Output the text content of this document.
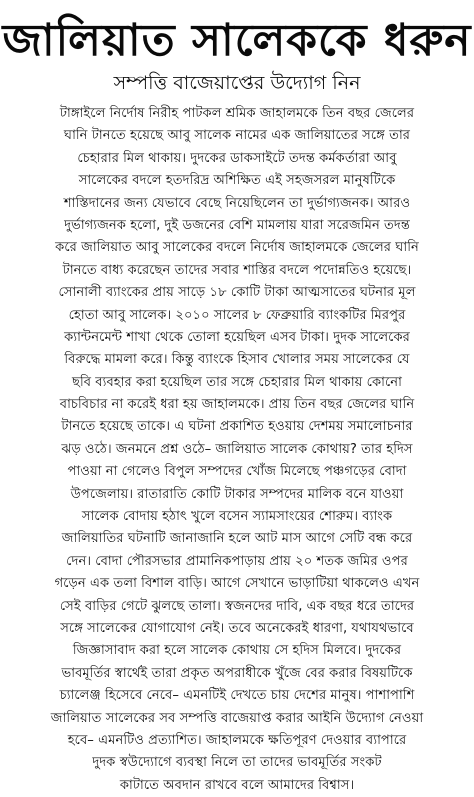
জালিয়াত সালেককে ধরুন
সম্পত্তি বাজেয়াপ্তের উদ্যোগ নিন
টাঙ্গাইলে নির্দোষ নিরীহ পাটকল শ্রমিক জাহালমকে তিন বছর জেলের
ঘানি টানতে হয়েছে আবু সালেক নামের এক জালিয়াতের সঙ্গে তার
চেহারার মিল থাকায়। দুদকের ডাকসাইটে তদন্ত কর্মকর্তারা আবু
সালেকের বদলে হতদরিদ্র অশিক্ষিত এই সহজসরল মানুষটিকে
শাস্তিদানের জন্য যেভাবে বেছে নিয়েছিলেন তা দুর্ভাগ্যজনক। আরও
দুর্ভাগ্যজনক হলো, দুই ডজনের বেশি মামলায় যারা সরেজমিন তদন্ত
করে জালিয়াত আবু সালেকের বদলে নির্দোষ জাহালমকে জেলের ঘানি
টানতে বাধ্য করেছেন তাদের সবার শাস্তির বদলে পদোন্নতিও হয়েছে।
সোনালী ব্যাংকের প্রায় সাড়ে ১৮ কোটি টাকা আত্মসাতের ঘটনার মূল
হোতা আবু সালেক। ২০১০ সালের ৮ ফেব্রুয়ারি ব্যাংকটির মিরপুর
ক্যান্টনমেন্ট শাখা থেকে তোলা হয়েছিল এসব টাকা। দুদক সালেকের
বিরুদ্ধে মামলা করে। কিন্তু ব্যাংকে হিসাব খোলার সময় সালেকের যে
ছবি ব্যবহার করা হয়েছিল তার সঙ্গে চেহারার মিল থাকায় কোনো
বাচবিচার না করেই ধরা হয় জাহালমকে। প্রায় তিন বছর জেলের ঘানি
টানতে হয়েছে তাকে। এ ঘটনা প্রকাশিত হওয়ায় দেশময় সমালোচনার
ঝড় ওঠে। জনমনে প্রশ্ন ওঠে– জালিয়াত সালেক কোথায়? তার হদিস
পাওয়া না গেলেও বিপুল সম্পদের খোঁজ মিলেছে পঞ্চগড়ের বোদা
উপজেলায়। রাতারাতি কোটি টাকার সম্পদের মালিক বনে যাওয়া
সালেক বোদায় হঠাৎ খুলে বসেন স্যামসাংয়ের শোরুম। ব্যাংক
জালিয়াতির ঘটনাটি জানাজানি হলে আট মাস আগে সেটি বন্ধ করে
দেন। বোদা পৌরসভার প্রামানিকপাড়ায় প্রায় ২০ শতক জমির ওপর
গড়েন এক তলা বিশাল বাড়ি। আগে সেখানে ভাড়াটিয়া থাকলেও এখন
সেই বাড়ির গেটে ঝুলছে তালা। স্বজনদের দাবি, এক বছর ধরে তাদের
সঙ্গে সালেকের যোগাযোগ নেই। তবে অনেকেরই ধারণা, যথাযথভাবে
জিজ্ঞাসাবাদ করা হলে সালেক কোথায় সে হদিস মিলবে। দুদকের
ভাবমূর্তির স্বার্থেই তারা প্রকৃত অপরাধীকে খুঁজে বের করার বিষয়টিকে
চ্যালেঞ্জ হিসেবে নেবে– এমনটিই দেখতে চায় দেশের মানুষ। পাশাপাশি
জালিয়াত সালেকের সব সম্পত্তি বাজেয়াপ্ত করার আইনি উদ্যোগ নেওয়া
হবে– এমনটিও প্রত্যাশিত। জাহালমকে ক্ষতিপূরণ দেওয়ার ব্যাপারে
দুদক স্বউদ্যোগে ব্যবস্থা নিলে তা তাদের ভাবমূর্তির সংকট
কাটাতে অবদান রাখবে বলে আমাদের বিশ্বাস।
